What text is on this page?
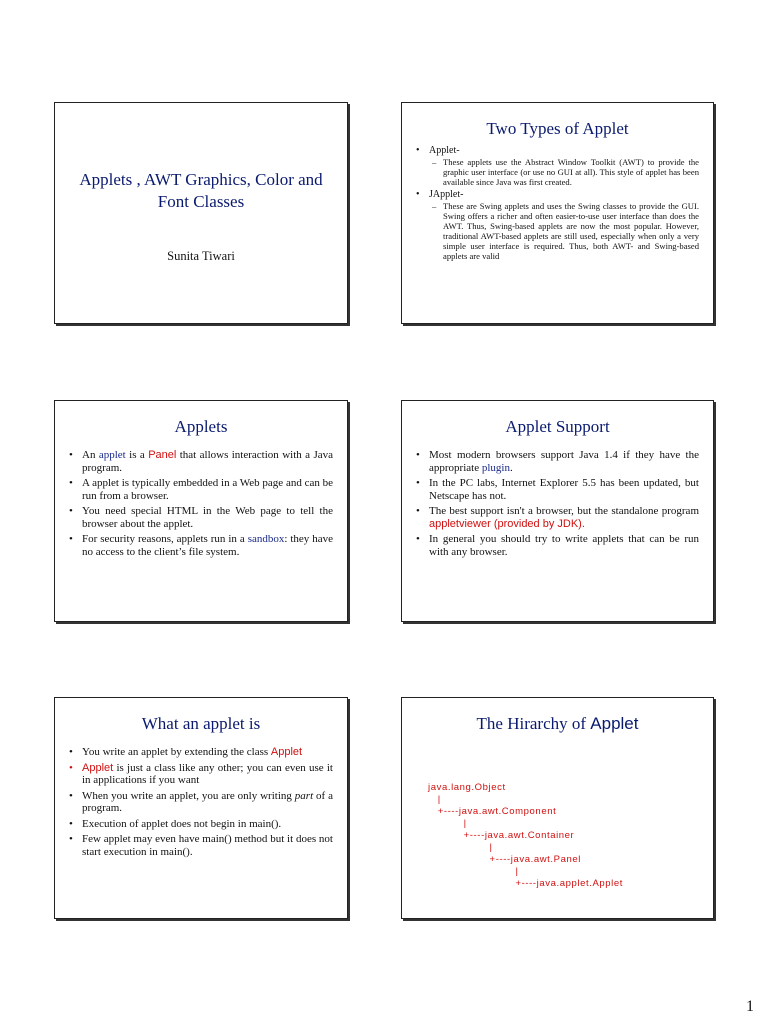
Applets , AWT Graphics, Color and Font Classes
Sunita Tiwari
Two Types of Applet
• Applet-
– These applets use the Abstract Window Toolkit (AWT) to provide the graphic user interface (or use no GUI at all). This style of applet has been available since Java was first created.
• JApplet-
– These are Swing applets and uses the Swing classes to provide the GUI. Swing offers a richer and often easier-to-use user interface than does the AWT. Thus, Swing-based applets are now the most popular. However, traditional AWT-based applets are still used, especially when only a very simple user interface is required. Thus, both AWT- and Swing-based applets are valid
Applets
• An applet is a Panel that allows interaction with a Java program.
• A applet is typically embedded in a Web page and can be run from a browser.
• You need special HTML in the Web page to tell the browser about the applet.
• For security reasons, applets run in a sandbox: they have no access to the client’s file system.
Applet Support
• Most modern browsers support Java 1.4 if they have the appropriate plugin.
• In the PC labs, Internet Explorer 5.5 has been updated, but Netscape has not.
• The best support isn't a browser, but the standalone program appletviewer (provided by JDK).
• In general you should try to write applets that can be run with any browser.
What an applet is
• You write an applet by extending the class Applet
• Applet is just a class like any other; you can even use it in applications if you want
• When you write an applet, you are only writing part of a program.
• Execution of applet does not begin in main().
• Few applet may even have main() method but it does not start execution in main().
The Hirarchy of Applet
java.lang.Object
|
+----java.awt.Component
|
+----java.awt.Container
|
+----java.awt.Panel
|
+----java.applet.Applet
1
